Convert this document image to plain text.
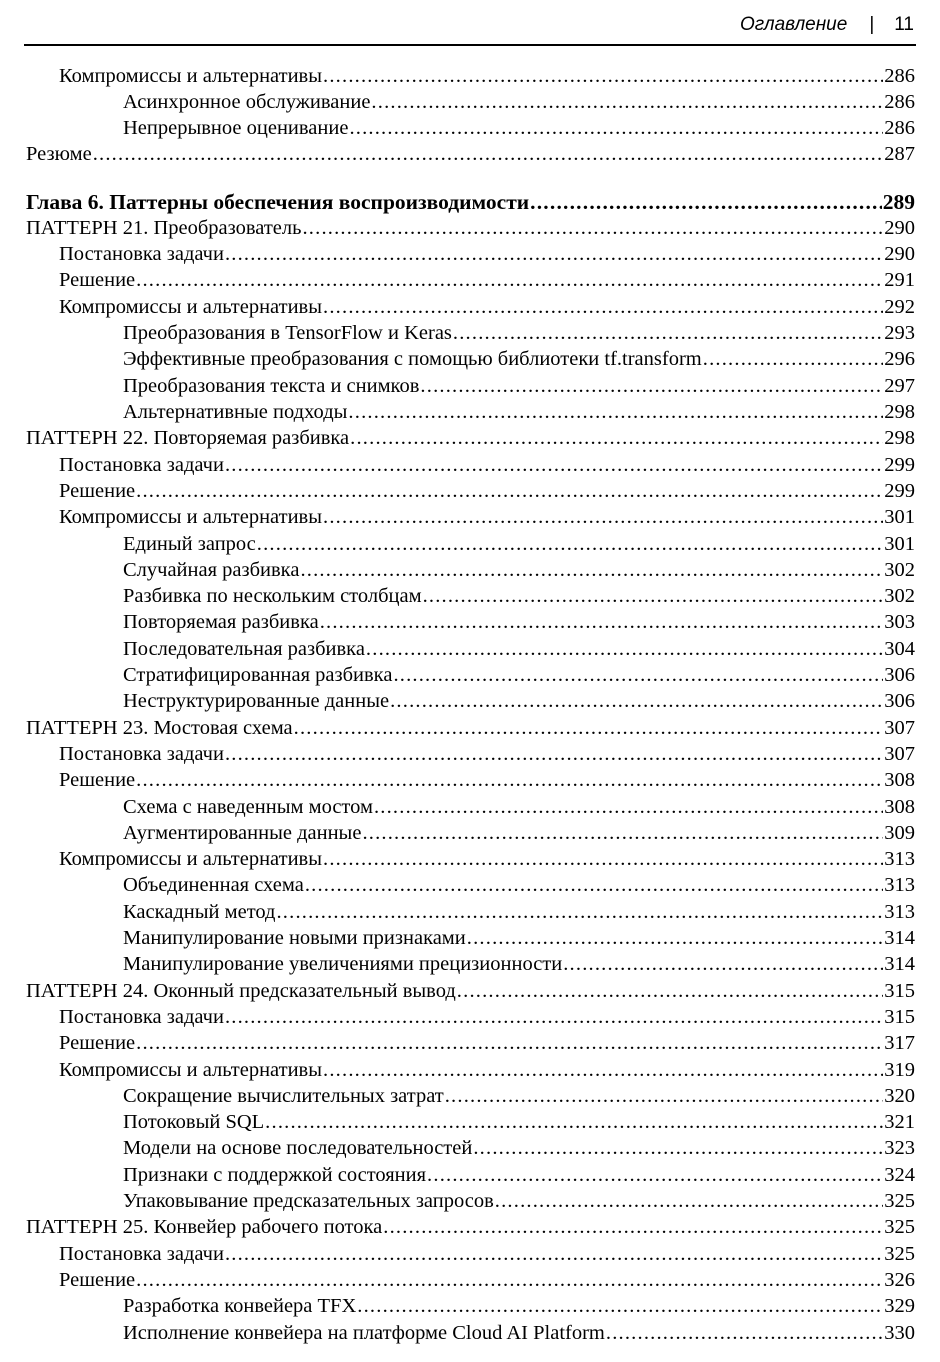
Оглавление | 11
Компромиссы и альтернативы .....	286
Асинхронное обслуживание .....	286
Непрерывное оценивание .....	286
Резюме .....	287
Глава 6. Паттерны обеспечения воспроизводимости .....	289
ПАТТЕРН 21. Преобразователь .....	290
Постановка задачи .....	290
Решение .....	291
Компромиссы и альтернативы .....	292
Преобразования в TensorFlow и Keras .....	293
Эффективные преобразования с помощью библиотеки tf.transform .....	296
Преобразования текста и снимков .....	297
Альтернативные подходы .....	298
ПАТТЕРН 22. Повторяемая разбивка .....	298
Постановка задачи .....	299
Решение .....	299
Компромиссы и альтернативы .....	301
Единый запрос .....	301
Случайная разбивка .....	302
Разбивка по нескольким столбцам .....	302
Повторяемая разбивка .....	303
Последовательная разбивка .....	304
Стратифицированная разбивка .....	306
Неструктурированные данные .....	306
ПАТТЕРН 23. Мостовая схема .....	307
Постановка задачи .....	307
Решение .....	308
Схема с наведенным мостом .....	308
Аугментированные данные .....	309
Компромиссы и альтернативы .....	313
Объединенная схема .....	313
Каскадный метод .....	313
Манипулирование новыми признаками .....	314
Манипулирование увеличениями прецизионности .....	314
ПАТТЕРН 24. Оконный предсказательный вывод .....	315
Постановка задачи .....	315
Решение .....	317
Компромиссы и альтернативы .....	319
Сокращение вычислительных затрат .....	320
Потоковый SQL .....	321
Модели на основе последовательностей .....	323
Признаки с поддержкой состояния .....	324
Упаковывание предсказательных запросов .....	325
ПАТТЕРН 25. Конвейер рабочего потока .....	325
Постановка задачи .....	325
Решение .....	326
Разработка конвейера TFX .....	329
Исполнение конвейера на платформе Cloud AI Platform .....	330
